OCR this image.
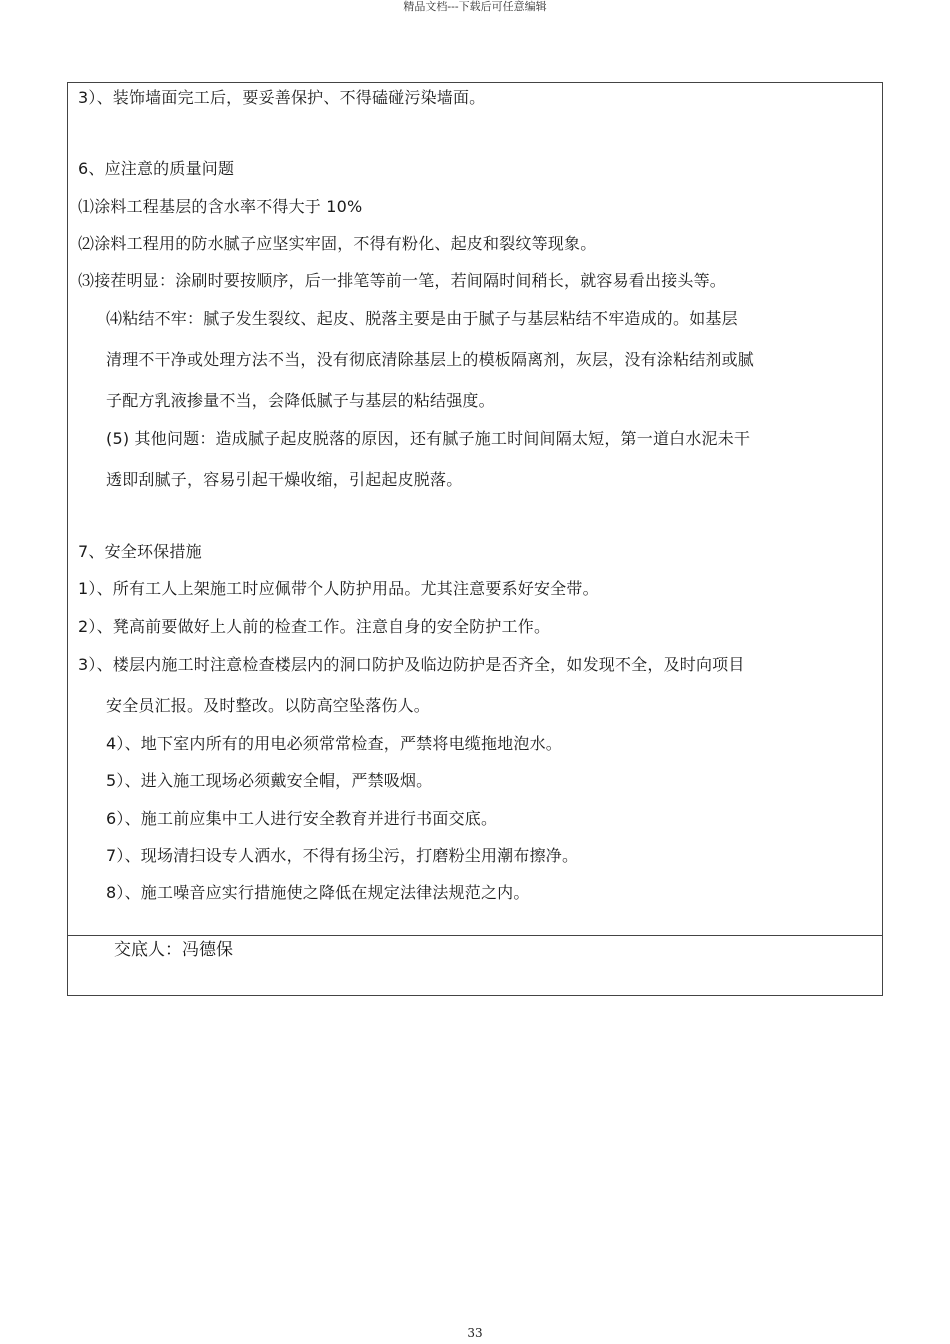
精品文档---下载后可任意编辑
3）、装饰墙面完工后，要妥善保护、不得磕碰污染墙面。
6、应注意的质量问题
⑴涂料工程基层的含水率不得大于 10%
⑵涂料工程用的防水腻子应坚实牢固，不得有粉化、起皮和裂纹等现象。
⑶接茬明显：涂刷时要按顺序，后一排笔等前一笔，若间隔时间稍长，就容易看出接头等。
⑷粘结不牢：腻子发生裂纹、起皮、脱落主要是由于腻子与基层粘结不牢造成的。如基层
清理不干净或处理方法不当，没有彻底清除基层上的模板隔离剂，灰层，没有涂粘结剂或腻
子配方乳液掺量不当，会降低腻子与基层的粘结强度。
(5) 其他问题：造成腻子起皮脱落的原因，还有腻子施工时间间隔太短，第一道白水泥未干
透即刮腻子，容易引起干燥收缩，引起起皮脱落。
7、安全环保措施
1）、所有工人上架施工时应佩带个人防护用品。尤其注意要系好安全带。
2）、凳高前要做好上人前的检查工作。注意自身的安全防护工作。
3）、楼层内施工时注意检查楼层内的洞口防护及临边防护是否齐全，如发现不全，及时向项目
安全员汇报。及时整改。以防高空坠落伤人。
4）、地下室内所有的用电必须常常检查，严禁将电缆拖地泡水。
5）、进入施工现场必须戴安全帽，严禁吸烟。
6）、施工前应集中工人进行安全教育并进行书面交底。
7）、现场清扫设专人洒水，不得有扬尘污，打磨粉尘用潮布擦净。
8）、施工噪音应实行措施使之降低在规定法律法规范之内。
交底人：冯德保
33
